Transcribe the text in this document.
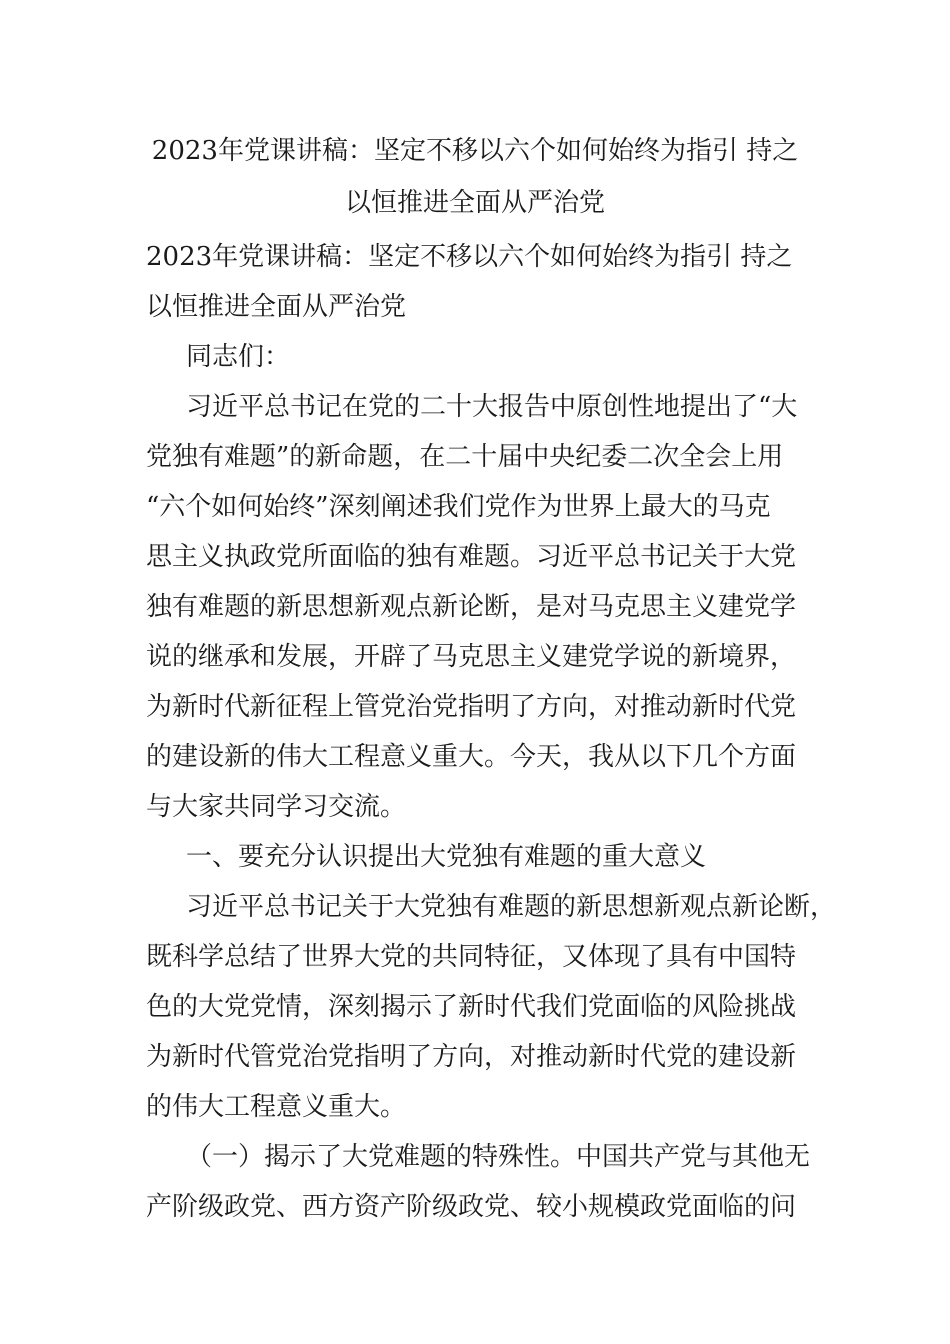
2023年党课讲稿：坚定不移以六个如何始终为指引 持之
以恒推进全面从严治党
2023年党课讲稿：坚定不移以六个如何始终为指引 持之
以恒推进全面从严治党
同志们：
习近平总书记在党的二十大报告中原创性地提出了“大
党独有难题”的新命题，在二十届中央纪委二次全会上用
“六个如何始终”深刻阐述我们党作为世界上最大的马克
思主义执政党所面临的独有难题。习近平总书记关于大党
独有难题的新思想新观点新论断，是对马克思主义建党学
说的继承和发展，开辟了马克思主义建党学说的新境界，
为新时代新征程上管党治党指明了方向，对推动新时代党
的建设新的伟大工程意义重大。今天，我从以下几个方面
与大家共同学习交流。
一、要充分认识提出大党独有难题的重大意义
习近平总书记关于大党独有难题的新思想新观点新论断，
既科学总结了世界大党的共同特征，又体现了具有中国特
色的大党党情，深刻揭示了新时代我们党面临的风险挑战
为新时代管党治党指明了方向，对推动新时代党的建设新
的伟大工程意义重大。
（一）揭示了大党难题的特殊性。中国共产党与其他无
产阶级政党、西方资产阶级政党、较小规模政党面临的问
